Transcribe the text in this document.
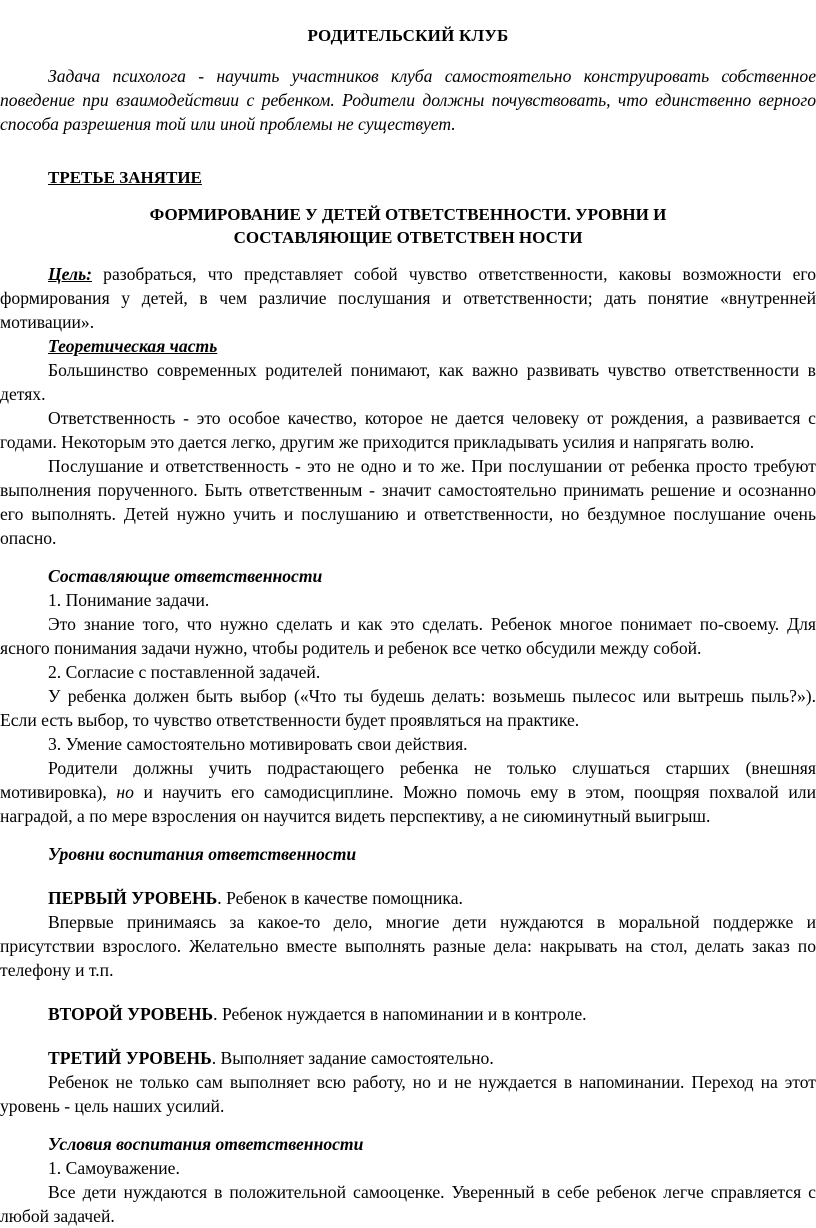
РОДИТЕЛЬСКИЙ КЛУБ
Задача психолога - научить участников клуба самостоятельно конструировать собственное поведение при взаимодействии с ребенком. Родители должны почувствовать, что единственно верного способа разрешения той или иной проблемы не существует.
ТРЕТЬЕ ЗАНЯТИЕ
ФОРМИРОВАНИЕ У ДЕТЕЙ ОТВЕТСТВЕННОСТИ. УРОВНИ И
СОСТАВЛЯЮЩИЕ ОТВЕТСТВЕН НОСТИ

Цель: разобраться, что представляет собой чувство ответственности, каковы возможности его формирования у детей, в чем различие послушания и ответственности; дать понятие «внутренней мотивации».

Теоретическая часть

Большинство современных родителей понимают, как важно развивать чувство ответственности в детях.

Ответственность - это особое качество, которое не дается человеку от рождения, а развивается с годами. Некоторым это дается легко, другим же приходится прикладывать усилия и напрягать волю.

Послушание и ответственность - это не одно и то же. При послушании от ребенка просто требуют выполнения порученного. Быть ответственным - значит самостоятельно принимать решение и осознанно его выполнять. Детей нужно учить и послушанию и ответственности, но бездумное послушание очень опасно.

Составляющие ответственности

1. Понимание задачи.

Это знание того, что нужно сделать и как это сделать. Ребенок многое понимает по-своему. Для ясного понимания задачи нужно, чтобы родитель и ребенок все четко обсудили между собой.

2. Согласие с поставленной задачей.

У ребенка должен быть выбор («Что ты будешь делать: возьмешь пылесос или вытрешь пыль?»). Если есть выбор, то чувство ответственности будет проявляться на практике.

3. Умение самостоятельно мотивировать свои действия.

Родители должны учить подрастающего ребенка не только слушаться старших (внешняя мотивировка), но и научить его самодисциплине. Можно помочь ему в этом, поощряя похвалой или наградой, а по мере взросления он научится видеть перспективу, а не сиюминутный выигрыш.

Уровни воспитания ответственности

ПЕРВЫЙ УРОВЕНЬ. Ребенок в качестве помощника.

Впервые принимаясь за какое-то дело, многие дети нуждаются в моральной поддержке и присутствии взрослого. Желательно вместе выполнять разные дела: накрывать на стол, делать заказ по телефону и т.п.

ВТОРОЙ УРОВЕНЬ. Ребенок нуждается в напоминании и в контроле.

ТРЕТИЙ УРОВЕНЬ. Выполняет задание самостоятельно.

Ребенок не только сам выполняет всю работу, но и не нуждается в напоминании. Переход на этот уровень - цель наших усилий.

Условия воспитания ответственности

1. Самоуважение.

Все дети нуждаются в положительной самооценке. Уверенный в себе ребенок легче справляется с любой задачей.
